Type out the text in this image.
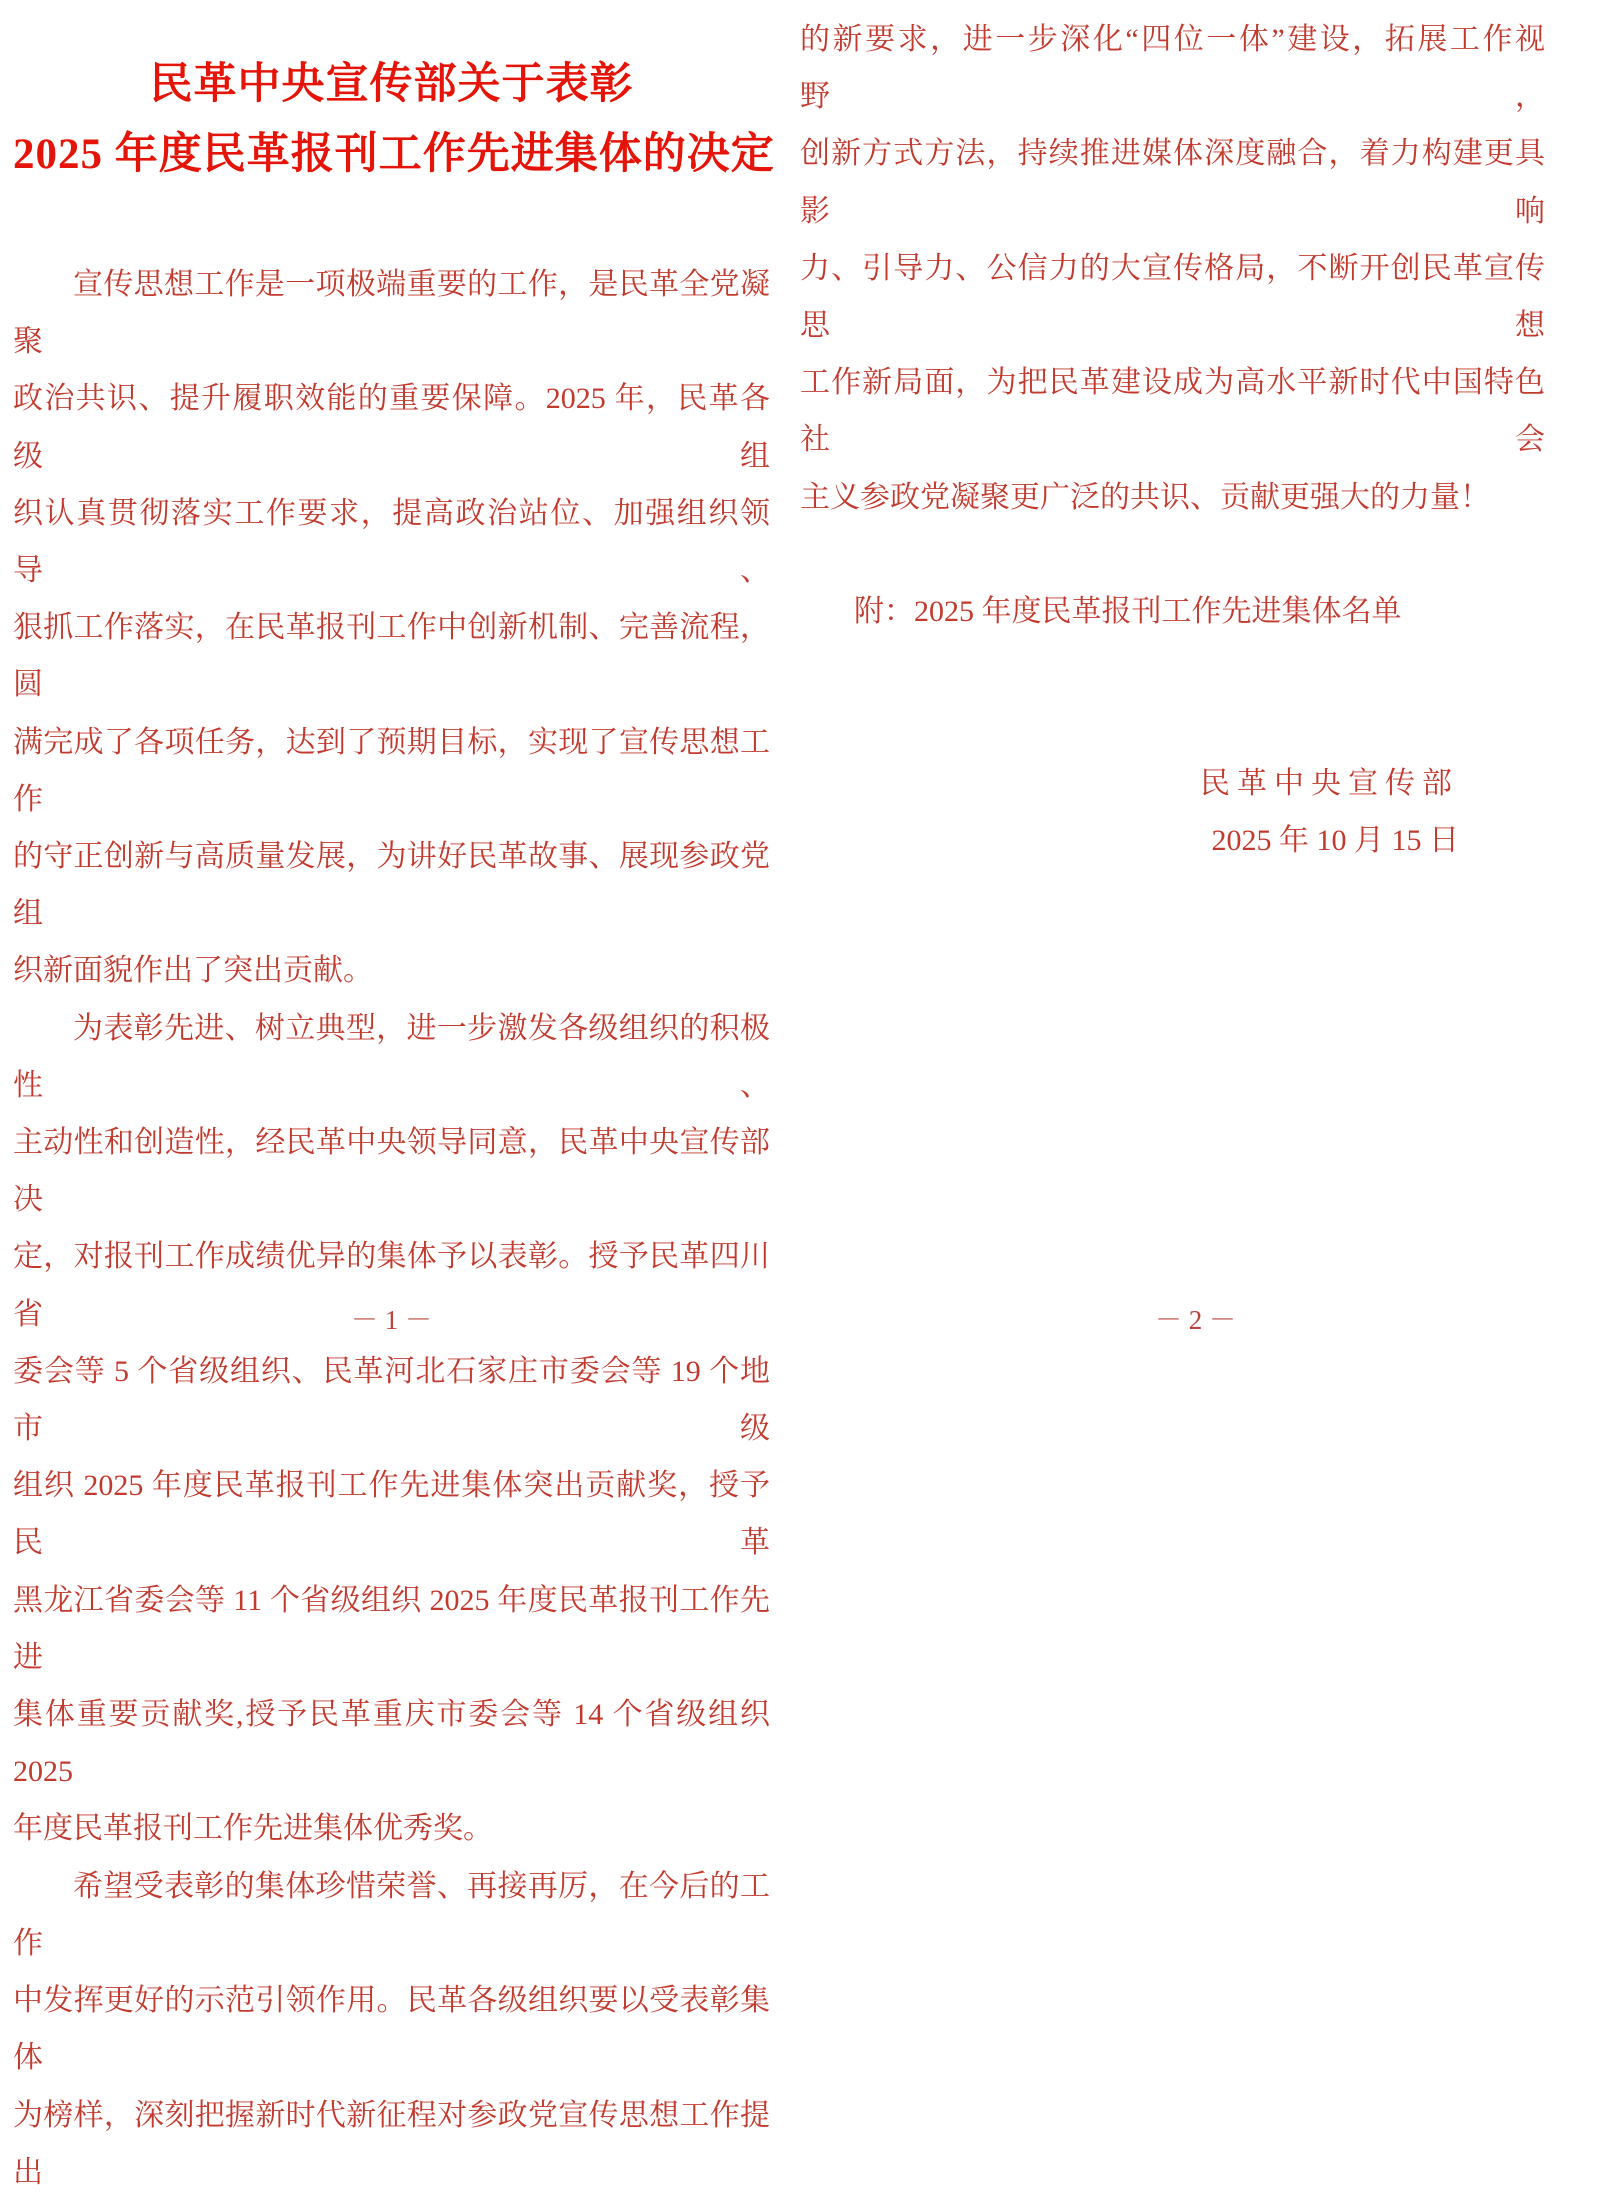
民革中央宣传部关于表彰
2025 年度民革报刊工作先进集体的决定
宣传思想工作是一项极端重要的工作，是民革全党凝聚
政治共识、提升履职效能的重要保障。2025 年，民革各级组
织认真贯彻落实工作要求，提高政治站位、加强组织领导、
狠抓工作落实，在民革报刊工作中创新机制、完善流程，圆
满完成了各项任务，达到了预期目标，实现了宣传思想工作
的守正创新与高质量发展，为讲好民革故事、展现参政党组
织新面貌作出了突出贡献。
为表彰先进、树立典型，进一步激发各级组织的积极性、
主动性和创造性，经民革中央领导同意，民革中央宣传部决
定，对报刊工作成绩优异的集体予以表彰。授予民革四川省
委会等 5 个省级组织、民革河北石家庄市委会等 19 个地市级
组织 2025 年度民革报刊工作先进集体突出贡献奖，授予民革
黑龙江省委会等 11 个省级组织 2025 年度民革报刊工作先进
集体重要贡献奖,授予民革重庆市委会等 14 个省级组织 2025
年度民革报刊工作先进集体优秀奖。
希望受表彰的集体珍惜荣誉、再接再厉，在今后的工作
中发挥更好的示范引领作用。民革各级组织要以受表彰集体
为榜样，深刻把握新时代新征程对参政党宣传思想工作提出
－ 1 －
的新要求，进一步深化“四位一体”建设，拓展工作视野，
创新方式方法，持续推进媒体深度融合，着力构建更具影响
力、引导力、公信力的大宣传格局，不断开创民革宣传思想
工作新局面，为把民革建设成为高水平新时代中国特色社会
主义参政党凝聚更广泛的共识、贡献更强大的力量！
附：2025 年度民革报刊工作先进集体名单
民革中央宣传部
2025 年 10 月 15 日
－ 2 －
